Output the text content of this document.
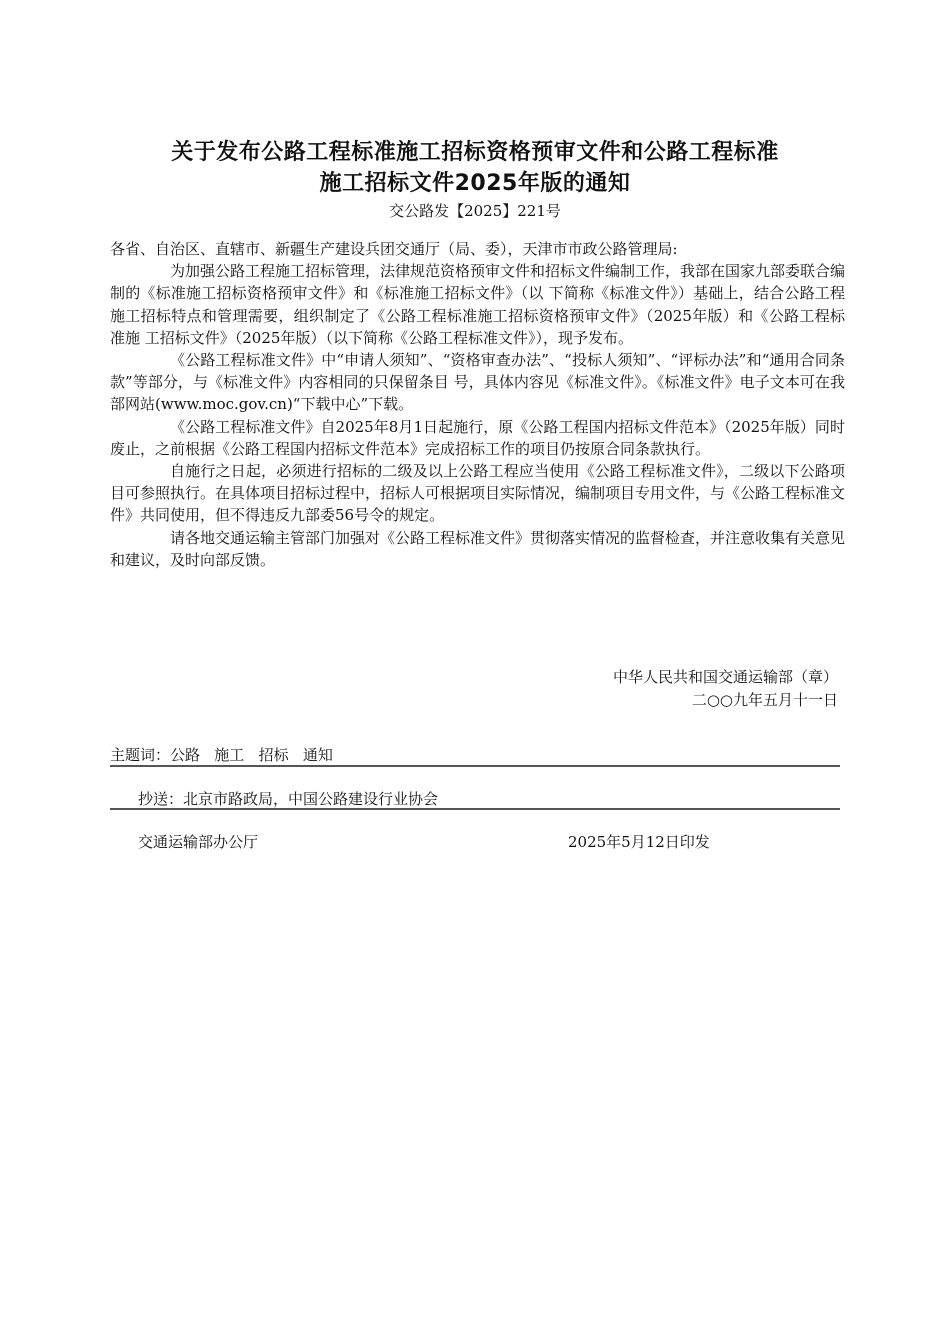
关于发布公路工程标准施工招标资格预审文件和公路工程标准
施工招标文件2025年版的通知
交公路发【2025】221号

各省、自治区、直辖市、新疆生产建设兵团交通厅（局、委），天津市市政公路管理局:

为加强公路工程施工招标管理，法律规范资格预审文件和招标文件编制工作，我部在国家九部委联合编制的《标准施工招标资格预审文件》和《标准施工招标文件》（以 下简称《标准文件》）基础上，结合公路工程施工招标特点和管理需要，组织制定了《公路工程标准施工招标资格预审文件》（2025年版）和《公路工程标准施 工招标文件》（2025年版）（以下简称《公路工程标准文件》），现予发布。

《公路工程标准文件》中“申请人须知”、“资格审查办法”、“投标人须知”、“评标办法”和“通用合同条款”等部分，与《标准文件》内容相同的只保留条目 号，具体内容见《标准文件》。《标准文件》电子文本可在我部网站(www.moc.gov.cn)“下载中心”下载。

《公路工程标准文件》自2025年8月1日起施行，原《公路工程国内招标文件范本》（2025年版）同时废止，之前根据《公路工程国内招标文件范本》完成招标工作的项目仍按原合同条款执行。

自施行之日起，必须进行招标的二级及以上公路工程应当使用《公路工程标准文件》，二级以下公路项目可参照执行。在具体项目招标过程中，招标人可根据项目实际情况，编制项目专用文件，与《公路工程标准文件》共同使用，但不得违反九部委56号令的规定。

请各地交通运输主管部门加强对《公路工程标准文件》贯彻落实情况的监督检查，并注意收集有关意见和建议，及时向部反馈。

中华人民共和国交通运输部（章）
二○○九年五月十一日
主题词：公路   施工   招标   通知
抄送：北京市路政局，中国公路建设行业协会
交通运输部办公厅	2025年5月12日印发
